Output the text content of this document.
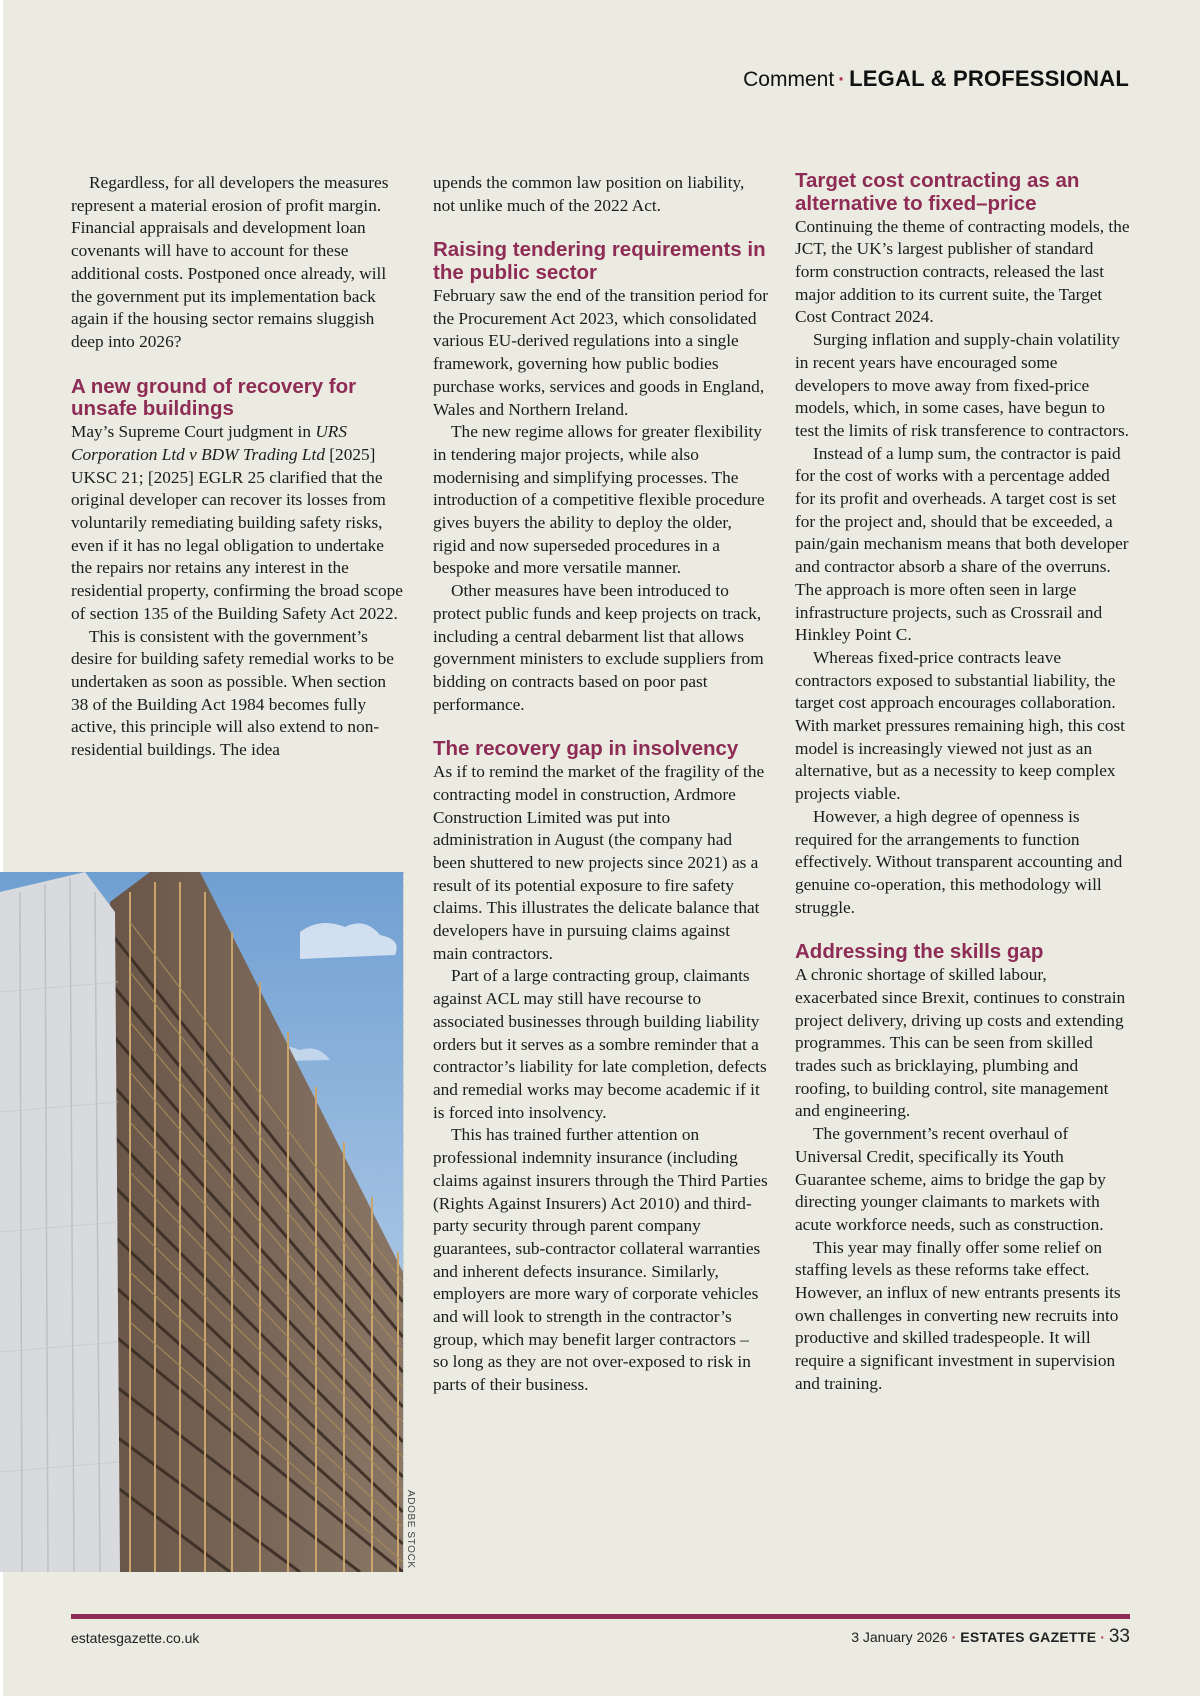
Comment · LEGAL & PROFESSIONAL

Regardless, for all developers the measures represent a material erosion of profit margin. Financial appraisals and development loan covenants will have to account for these additional costs. Postponed once already, will the government put its implementation back again if the housing sector remains sluggish deep into 2026?

A new ground of recovery for unsafe buildings

May’s Supreme Court judgment in URS Corporation Ltd v BDW Trading Ltd [2025] UKSC 21; [2025] EGLR 25 clarified that the original developer can recover its losses from voluntarily remediating building safety risks, even if it has no legal obligation to undertake the repairs nor retains any interest in the residential property, confirming the broad scope of section 135 of the Building Safety Act 2022.

This is consistent with the government’s desire for building safety remedial works to be undertaken as soon as possible. When section 38 of the Building Act 1984 becomes fully active, this principle will also extend to non-residential buildings. The idea

ADOBE STOCK

upends the common law position on liability, not unlike much of the 2022 Act.

Raising tendering requirements in the public sector

February saw the end of the transition period for the Procurement Act 2023, which consolidated various EU-derived regulations into a single framework, governing how public bodies purchase works, services and goods in England, Wales and Northern Ireland.

The new regime allows for greater flexibility in tendering major projects, while also modernising and simplifying processes. The introduction of a competitive flexible procedure gives buyers the ability to deploy the older, rigid and now superseded procedures in a bespoke and more versatile manner.

Other measures have been introduced to protect public funds and keep projects on track, including a central debarment list that allows government ministers to exclude suppliers from bidding on contracts based on poor past performance.

The recovery gap in insolvency

As if to remind the market of the fragility of the contracting model in construction, Ardmore Construction Limited was put into administration in August (the company had been shuttered to new projects since 2021) as a result of its potential exposure to fire safety claims. This illustrates the delicate balance that developers have in pursuing claims against main contractors.

Part of a large contracting group, claimants against ACL may still have recourse to associated businesses through building liability orders but it serves as a sombre reminder that a contractor’s liability for late completion, defects and remedial works may become academic if it is forced into insolvency.

This has trained further attention on professional indemnity insurance (including claims against insurers through the Third Parties (Rights Against Insurers) Act 2010) and third-party security through parent company guarantees, sub-contractor collateral warranties and inherent defects insurance. Similarly, employers are more wary of corporate vehicles and will look to strength in the contractor’s group, which may benefit larger contractors – so long as they are not over-exposed to risk in parts of their business.

Target cost contracting as an alternative to fixed–price

Continuing the theme of contracting models, the JCT, the UK’s largest publisher of standard form construction contracts, released the last major addition to its current suite, the Target Cost Contract 2024.

Surging inflation and supply-chain volatility in recent years have encouraged some developers to move away from fixed-price models, which, in some cases, have begun to test the limits of risk transference to contractors.

Instead of a lump sum, the contractor is paid for the cost of works with a percentage added for its profit and overheads. A target cost is set for the project and, should that be exceeded, a pain/gain mechanism means that both developer and contractor absorb a share of the overruns. The approach is more often seen in large infrastructure projects, such as Crossrail and Hinkley Point C.

Whereas fixed-price contracts leave contractors exposed to substantial liability, the target cost approach encourages collaboration. With market pressures remaining high, this cost model is increasingly viewed not just as an alternative, but as a necessity to keep complex projects viable.

However, a high degree of openness is required for the arrangements to function effectively. Without transparent accounting and genuine co-operation, this methodology will struggle.

Addressing the skills gap

A chronic shortage of skilled labour, exacerbated since Brexit, continues to constrain project delivery, driving up costs and extending programmes. This can be seen from skilled trades such as bricklaying, plumbing and roofing, to building control, site management and engineering.

The government’s recent overhaul of Universal Credit, specifically its Youth Guarantee scheme, aims to bridge the gap by directing younger claimants to markets with acute workforce needs, such as construction.

This year may finally offer some relief on staffing levels as these reforms take effect. However, an influx of new entrants presents its own challenges in converting new recruits into productive and skilled tradespeople. It will require a significant investment in supervision and training.

estatesgazette.co.uk	3 January 2026 · ESTATES GAZETTE · 33
